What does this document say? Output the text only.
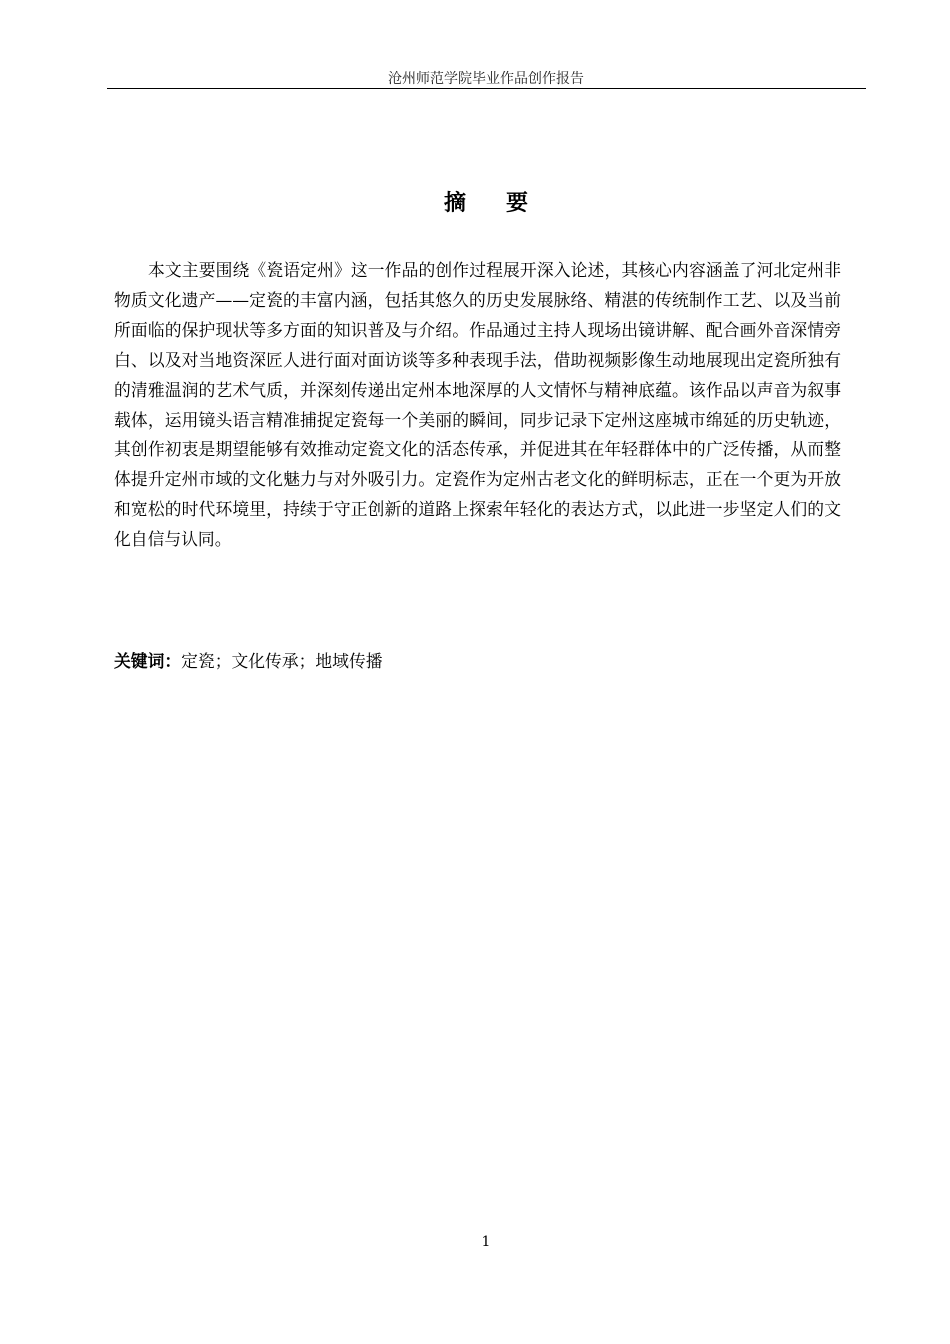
沧州师范学院毕业作品创作报告
摘要

本文主要围绕《瓷语定州》这一作品的创作过程展开深入论述，其核心内容涵盖了河北定州非物质文化遗产——定瓷的丰富内涵，包括其悠久的历史发展脉络、精湛的传统制作工艺、以及当前所面临的保护现状等多方面的知识普及与介绍。作品通过主持人现场出镜讲解、配合画外音深情旁白、以及对当地资深匠人进行面对面访谈等多种表现手法，借助视频影像生动地展现出定瓷所独有的清雅温润的艺术气质，并深刻传递出定州本地深厚的人文情怀与精神底蕴。该作品以声音为叙事载体，运用镜头语言精准捕捉定瓷每一个美丽的瞬间，同步记录下定州这座城市绵延的历史轨迹，其创作初衷是期望能够有效推动定瓷文化的活态传承，并促进其在年轻群体中的广泛传播，从而整体提升定州市域的文化魅力与对外吸引力。定瓷作为定州古老文化的鲜明标志，正在一个更为开放和宽松的时代环境里，持续于守正创新的道路上探索年轻化的表达方式，以此进一步坚定人们的文化自信与认同。

关键词：定瓷；文化传承；地域传播
1
